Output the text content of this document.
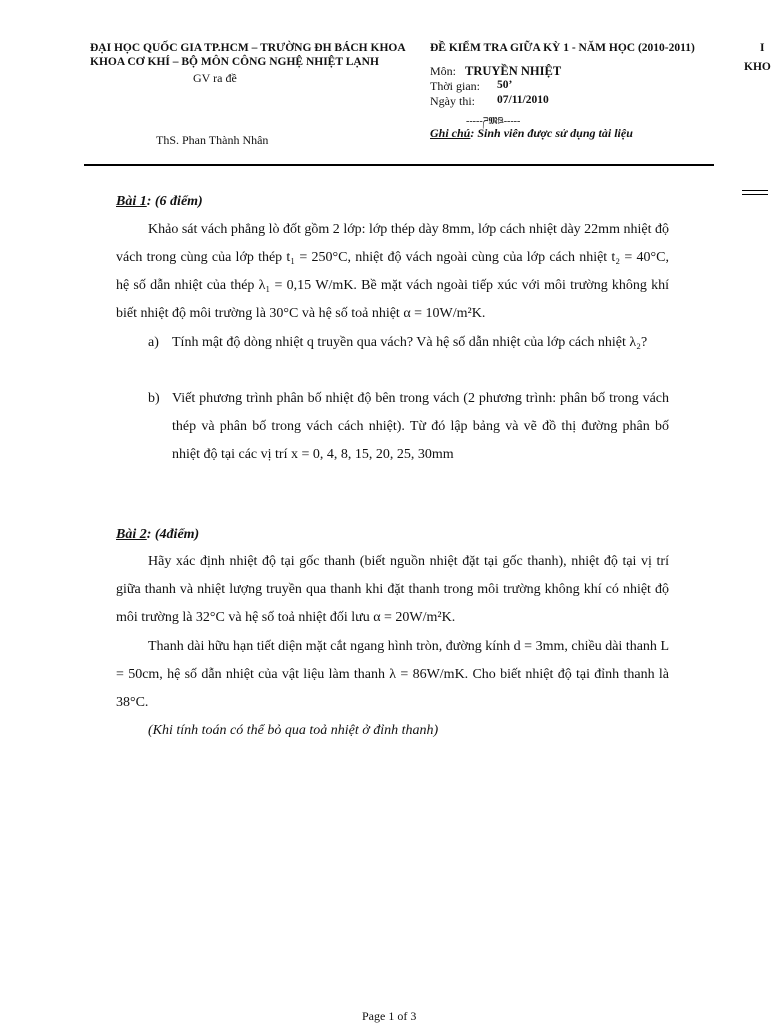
ĐẠI HỌC QUỐC GIA TP.HCM – TRƯỜNG ĐH BÁCH KHOA
KHOA CƠ KHÍ – BỘ MÔN CÔNG NGHỆ NHIỆT LẠNH
GV ra đề
ThS. Phan Thành Nhân
ĐỀ KIỂM TRA GIỮA KỲ 1 - NĂM HỌC (2010-2011)
Môn: TRUYỀN NHIỆT
Thời gian: 50’
Ngày thi: 07/11/2010
-----ཌ𝕸ཋ-----
Ghi chú: Sinh viên được sử dụng tài liệu
I
KHO
Bài 1: (6 điểm)
Khảo sát vách phẳng lò đốt gồm 2 lớp: lớp thép dày 8mm, lớp cách nhiệt dày 22mm nhiệt độ vách trong cùng của lớp thép t₁ = 250°C, nhiệt độ vách ngoài cùng của lớp cách nhiệt t₂ = 40°C, hệ số dẫn nhiệt của thép λ₁ = 0,15 W/mK. Bề mặt vách ngoài tiếp xúc với môi trường không khí biết nhiệt độ môi trường là 30°C và hệ số toả nhiệt α = 10W/m²K.
a) Tính mật độ dòng nhiệt q truyền qua vách? Và hệ số dẫn nhiệt của lớp cách nhiệt λ₂?
b) Viết phương trình phân bố nhiệt độ bên trong vách (2 phương trình: phân bố trong vách thép và phân bố trong vách cách nhiệt). Từ đó lập bảng và vẽ đồ thị đường phân bố nhiệt độ tại các vị trí x = 0, 4, 8, 15, 20, 25, 30mm
Bài 2: (4điểm)
Hãy xác định nhiệt độ tại gốc thanh (biết nguồn nhiệt đặt tại gốc thanh), nhiệt độ tại vị trí giữa thanh và nhiệt lượng truyền qua thanh khi đặt thanh trong môi trường không khí có nhiệt độ môi trường là 32°C và hệ số toả nhiệt đối lưu α = 20W/m²K.
Thanh dài hữu hạn tiết diện mặt cắt ngang hình tròn, đường kính d = 3mm, chiều dài thanh L = 50cm, hệ số dẫn nhiệt của vật liệu làm thanh λ = 86W/mK. Cho biết nhiệt độ tại đỉnh thanh là 38°C.
(Khi tính toán có thể bỏ qua toả nhiệt ở đỉnh thanh)
Page 1 of 3
